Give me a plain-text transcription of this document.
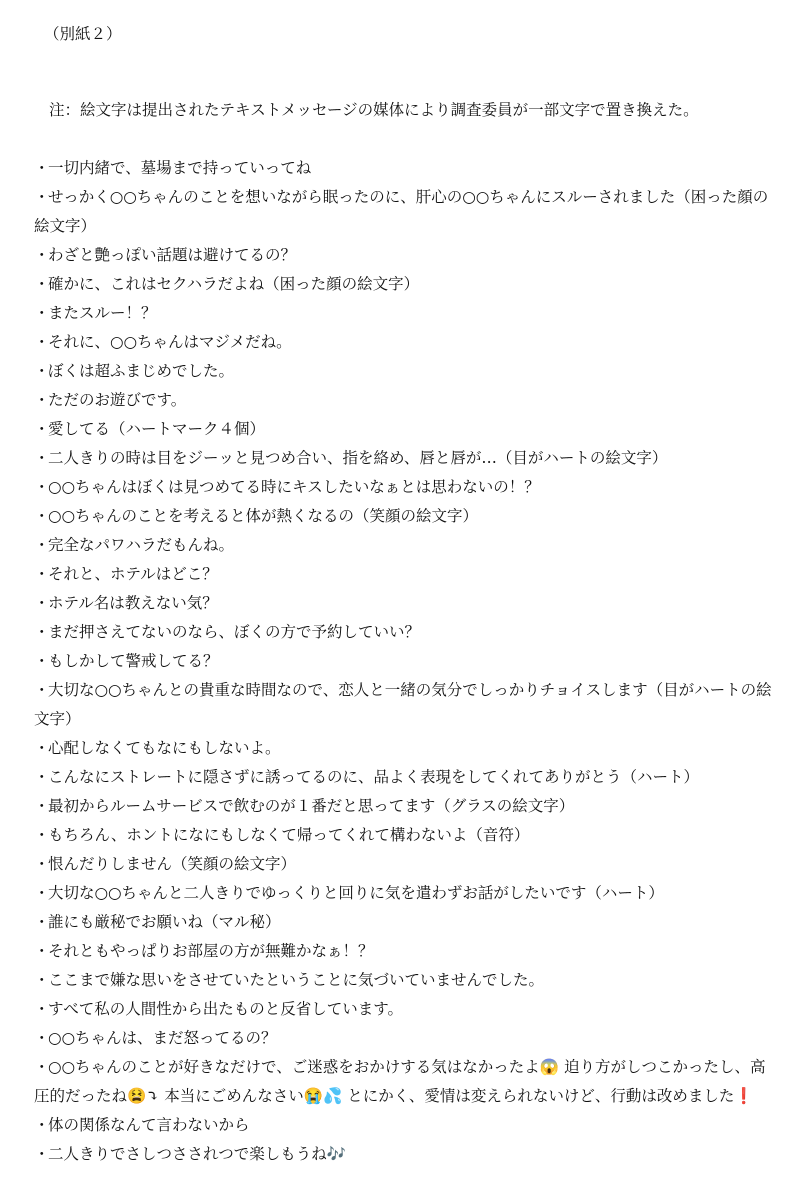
（別紙２）
注：絵文字は提出されたテキストメッセージの媒体により調査委員が一部文字で置き換えた。
・一切内緒で、墓場まで持っていってね
・せっかく○○ちゃんのことを想いながら眠ったのに、肝心の○○ちゃんにスルーされました（困った顔の絵文字）
・わざと艶っぽい話題は避けてるの？
・確かに、これはセクハラだよね（困った顔の絵文字）
・またスルー！？
・それに、○○ちゃんはマジメだね。
・ぼくは超ふまじめでした。
・ただのお遊びです。
・愛してる（ハートマーク４個）
・二人きりの時は目をジーッと見つめ合い、指を絡め、唇と唇が…（目がハートの絵文字）
・○○ちゃんはぼくは見つめてる時にキスしたいなぁとは思わないの！？
・○○ちゃんのことを考えると体が熱くなるの（笑顔の絵文字）
・完全なパワハラだもんね。
・それと、ホテルはどこ？
・ホテル名は教えない気？
・まだ押さえてないのなら、ぼくの方で予約していい？
・もしかして警戒してる？
・大切な○○ちゃんとの貴重な時間なので、恋人と一緒の気分でしっかりチョイスします（目がハートの絵文字）
・心配しなくてもなにもしないよ。
・こんなにストレートに隠さずに誘ってるのに、品よく表現をしてくれてありがとう（ハート）
・最初からルームサービスで飲むのが１番だと思ってます（グラスの絵文字）
・もちろん、ホントになにもしなくて帰ってくれて構わないよ（音符）
・恨んだりしません（笑顔の絵文字）
・大切な○○ちゃんと二人きりでゆっくりと回りに気を遣わずお話がしたいです（ハート）
・誰にも厳秘でお願いね（マル秘）
・それともやっぱりお部屋の方が無難かなぁ！？
・ここまで嫌な思いをさせていたということに気づいていませんでした。
・すべて私の人間性から出たものと反省しています。
・○○ちゃんは、まだ怒ってるの？
・○○ちゃんのことが好きなだけで、ご迷惑をおかけする気はなかったよ😱 迫り方がしつこかったし、高圧的だったね😫⤵ 本当にごめんなさい😭💦 とにかく、愛情は変えられないけど、行動は改めました❗
・体の関係なんて言わないから
・二人きりでさしつさされつで楽しもうね🎶
